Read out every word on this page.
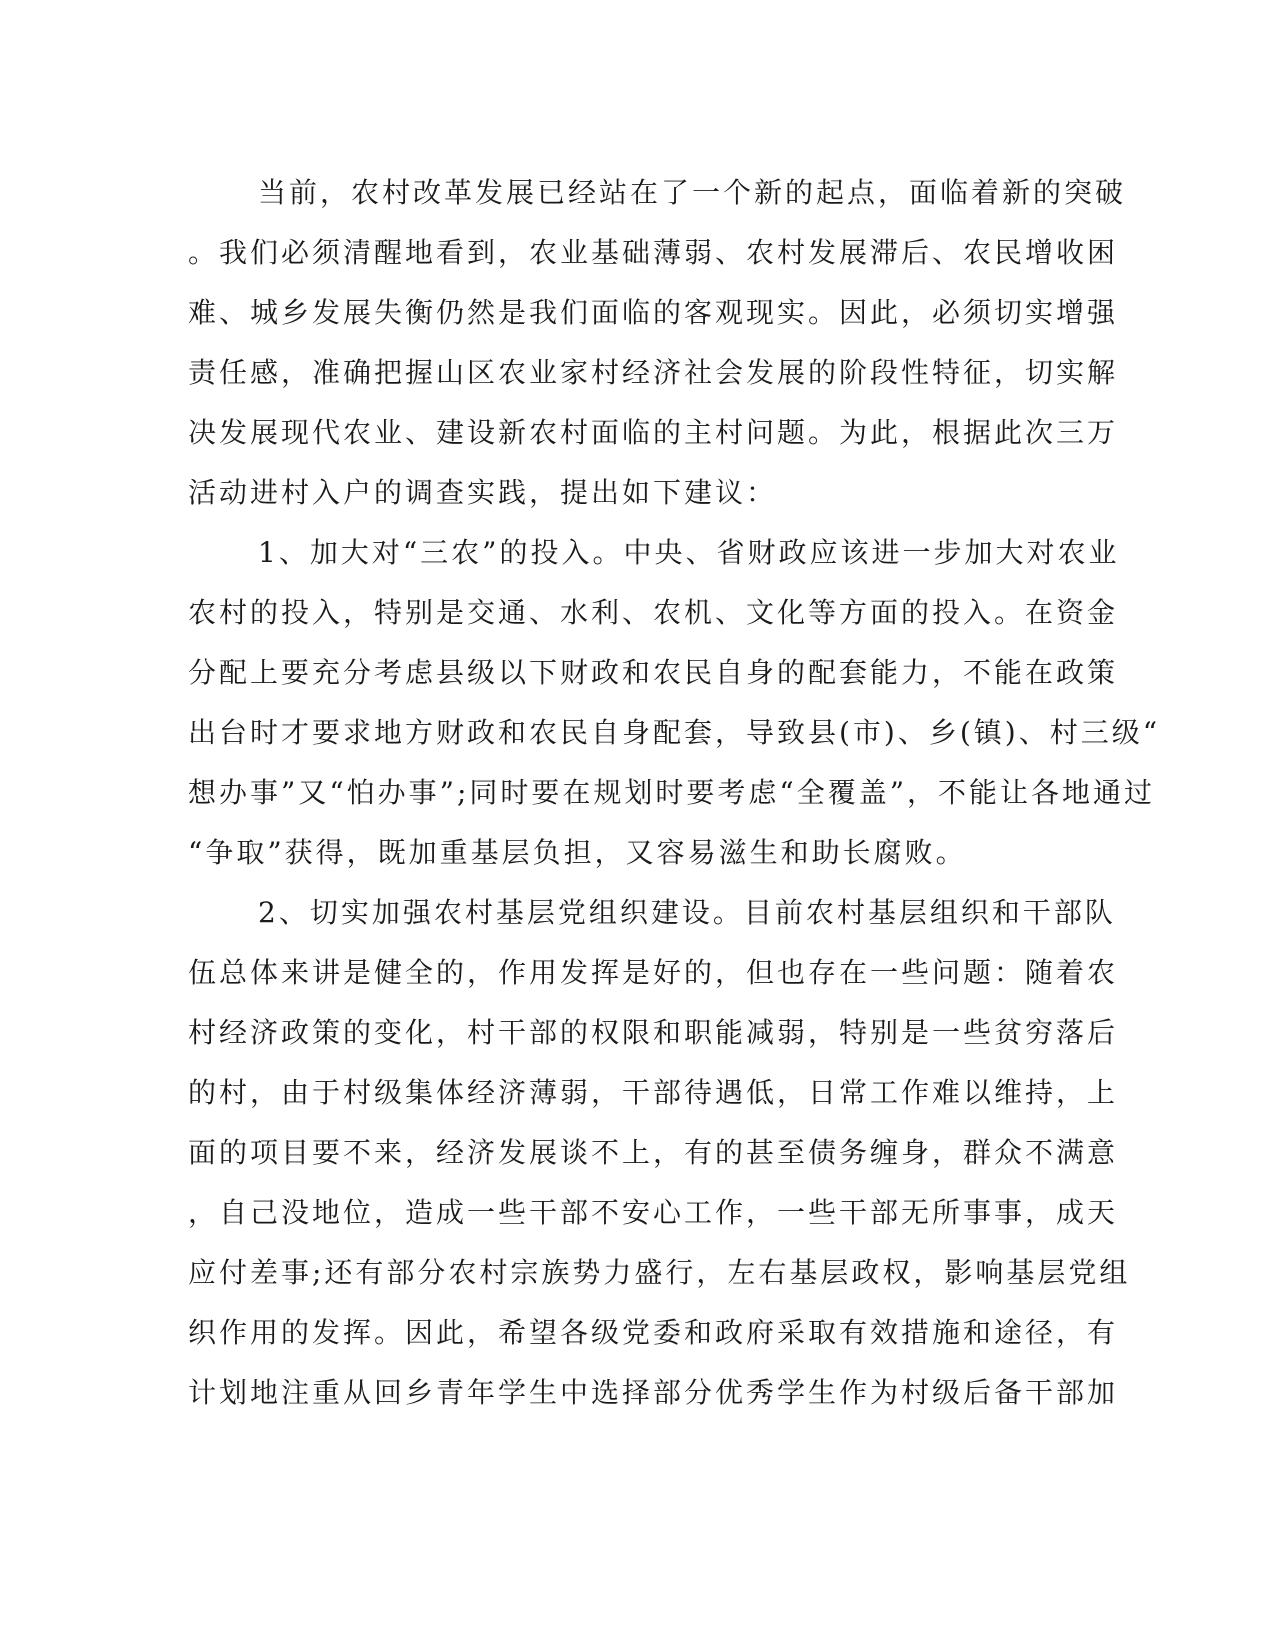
当前，农村改革发展已经站在了一个新的起点，面临着新的突破
。我们必须清醒地看到，农业基础薄弱、农村发展滞后、农民增收困
难、城乡发展失衡仍然是我们面临的客观现实。因此，必须切实增强
责任感，准确把握山区农业家村经济社会发展的阶段性特征，切实解
决发展现代农业、建设新农村面临的主村问题。为此，根据此次三万
活动进村入户的调查实践，提出如下建议：
1、加大对“三农”的投入。中央、省财政应该进一步加大对农业
农村的投入，特别是交通、水利、农机、文化等方面的投入。在资金
分配上要充分考虑县级以下财政和农民自身的配套能力，不能在政策
出台时才要求地方财政和农民自身配套，导致县(市)、乡(镇)、村三级“
想办事”又“怕办事”;同时要在规划时要考虑“全覆盖”，不能让各地通过
“争取”获得，既加重基层负担，又容易滋生和助长腐败。
2、切实加强农村基层党组织建设。目前农村基层组织和干部队
伍总体来讲是健全的，作用发挥是好的，但也存在一些问题：随着农
村经济政策的变化，村干部的权限和职能减弱，特别是一些贫穷落后
的村，由于村级集体经济薄弱，干部待遇低，日常工作难以维持，上
面的项目要不来，经济发展谈不上，有的甚至债务缠身，群众不满意
，自己没地位，造成一些干部不安心工作，一些干部无所事事，成天
应付差事;还有部分农村宗族势力盛行，左右基层政权，影响基层党组
织作用的发挥。因此，希望各级党委和政府采取有效措施和途径，有
计划地注重从回乡青年学生中选择部分优秀学生作为村级后备干部加
